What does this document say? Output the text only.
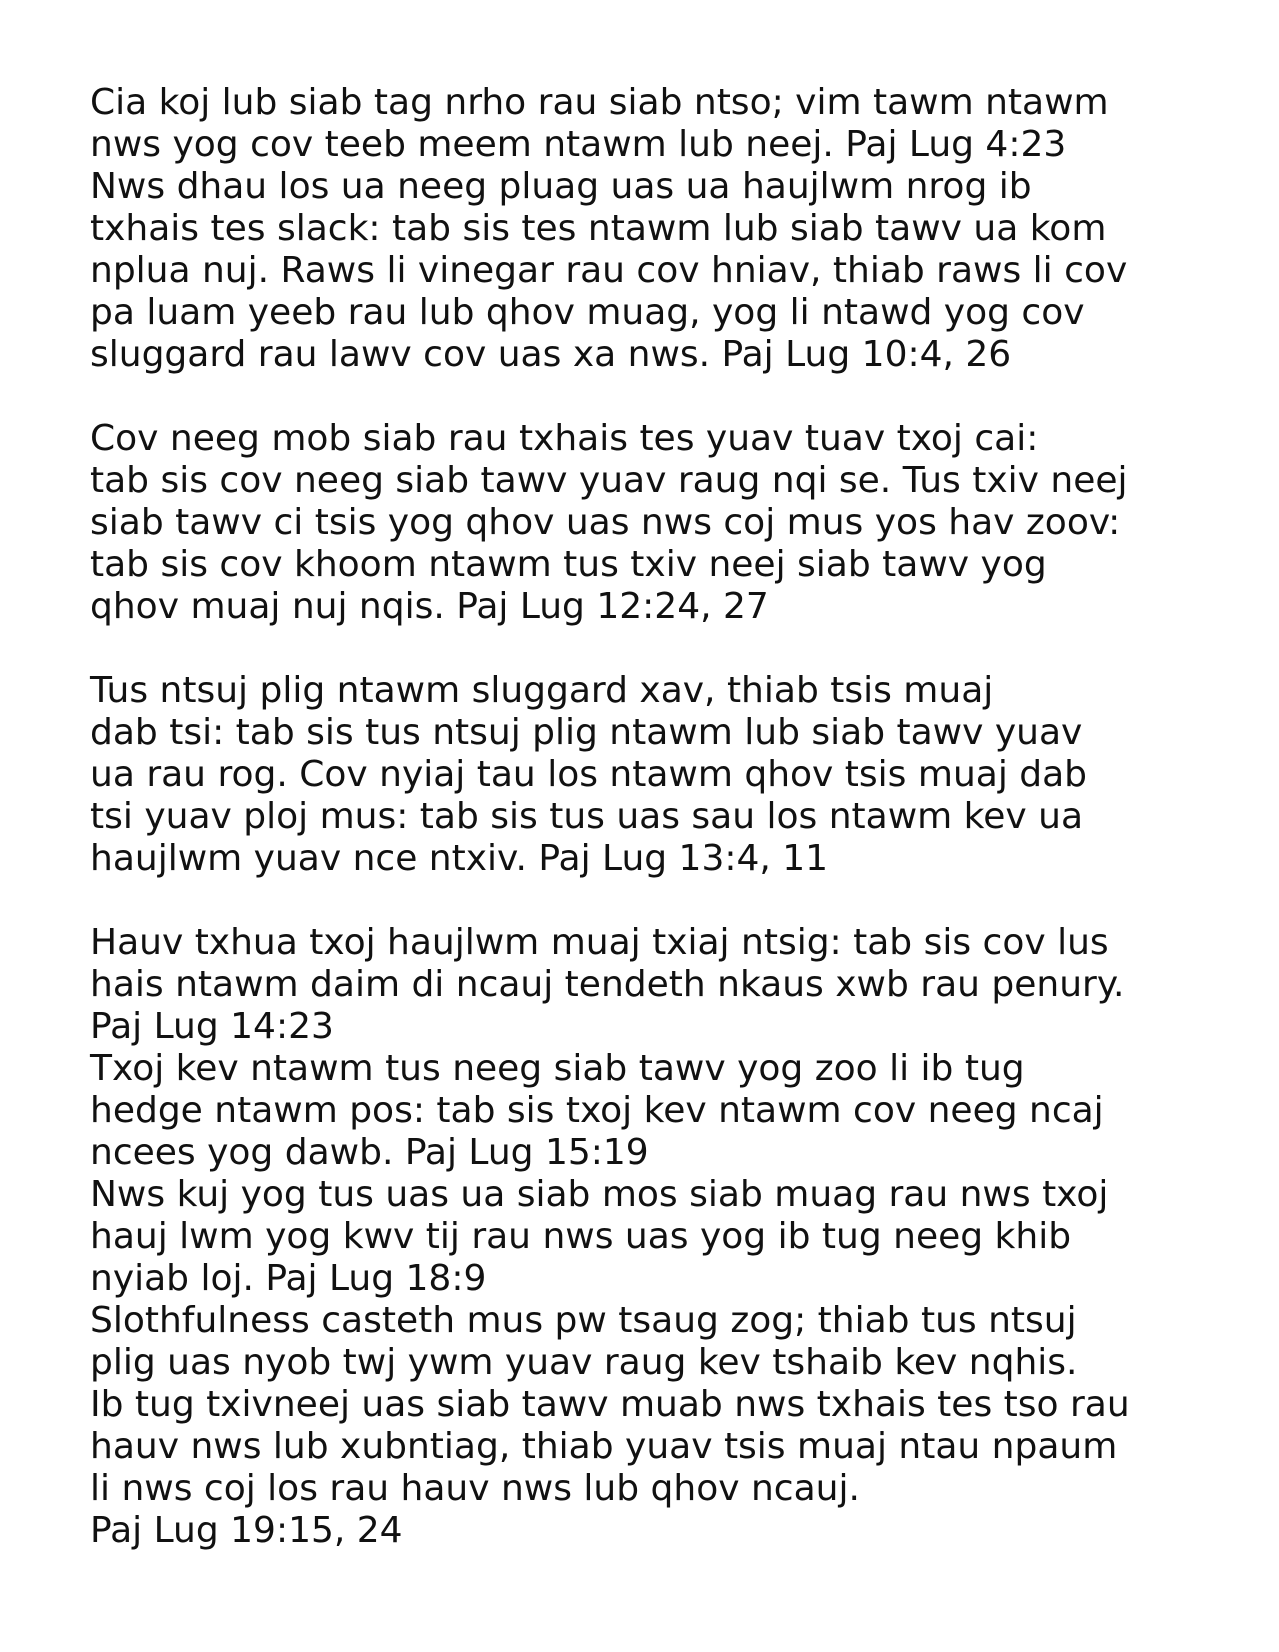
Cia koj lub siab tag nrho rau siab ntso; vim tawm ntawm
nws yog cov teeb meem ntawm lub neej. Paj Lug 4:23
Nws dhau los ua neeg pluag uas ua haujlwm nrog ib
txhais tes slack: tab sis tes ntawm lub siab tawv ua kom
nplua nuj. Raws li vinegar rau cov hniav, thiab raws li cov
pa luam yeeb rau lub qhov muag, yog li ntawd yog cov
sluggard rau lawv cov uas xa nws. Paj Lug 10:4, 26
Cov neeg mob siab rau txhais tes yuav tuav txoj cai:
tab sis cov neeg siab tawv yuav raug nqi se. Tus txiv neej
siab tawv ci tsis yog qhov uas nws coj mus yos hav zoov:
tab sis cov khoom ntawm tus txiv neej siab tawv yog
qhov muaj nuj nqis. Paj Lug 12:24, 27
Tus ntsuj plig ntawm sluggard xav, thiab tsis muaj
dab tsi: tab sis tus ntsuj plig ntawm lub siab tawv yuav
ua rau rog. Cov nyiaj tau los ntawm qhov tsis muaj dab
tsi yuav ploj mus: tab sis tus uas sau los ntawm kev ua
haujlwm yuav nce ntxiv. Paj Lug 13:4, 11
Hauv txhua txoj haujlwm muaj txiaj ntsig: tab sis cov lus
hais ntawm daim di ncauj tendeth nkaus xwb rau penury.
Paj Lug 14:23
Txoj kev ntawm tus neeg siab tawv yog zoo li ib tug
hedge ntawm pos: tab sis txoj kev ntawm cov neeg ncaj
ncees yog dawb. Paj Lug 15:19
Nws kuj yog tus uas ua siab mos siab muag rau nws txoj
hauj lwm yog kwv tij rau nws uas yog ib tug neeg khib
nyiab loj. Paj Lug 18:9
Slothfulness casteth mus pw tsaug zog; thiab tus ntsuj
plig uas nyob twj ywm yuav raug kev tshaib kev nqhis.
Ib tug txivneej uas siab tawv muab nws txhais tes tso rau
hauv nws lub xubntiag, thiab yuav tsis muaj ntau npaum
li nws coj los rau hauv nws lub qhov ncauj.
Paj Lug 19:15, 24
